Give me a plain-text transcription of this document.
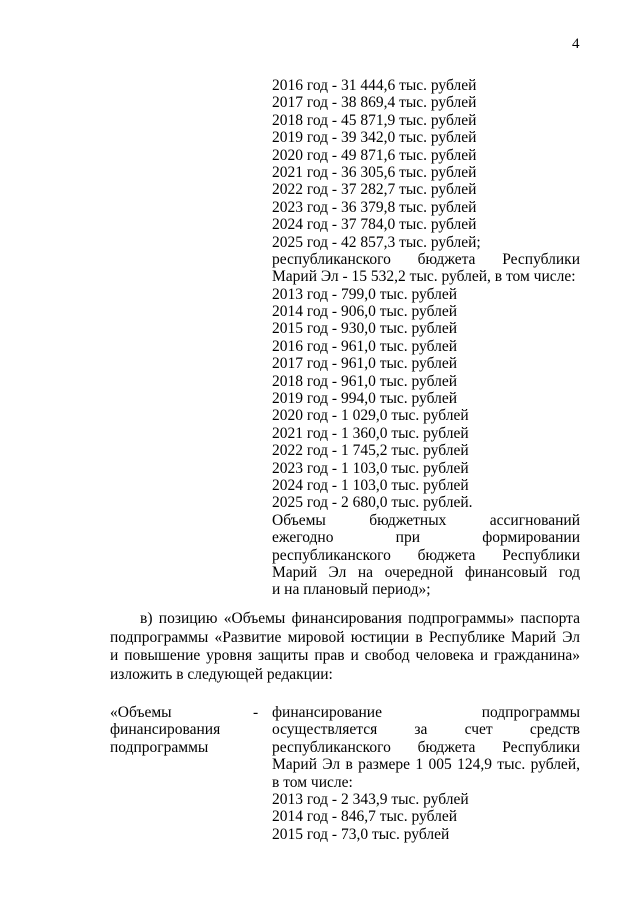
4
2016 год - 31 444,6 тыс. рублей
2017 год - 38 869,4 тыс. рублей
2018 год - 45 871,9 тыс. рублей
2019 год - 39 342,0 тыс. рублей
2020 год - 49 871,6 тыс. рублей
2021 год - 36 305,6 тыс. рублей
2022 год - 37 282,7 тыс. рублей
2023 год - 36 379,8 тыс. рублей
2024 год - 37 784,0 тыс. рублей
2025 год - 42 857,3 тыс. рублей;
республиканского бюджета Республики
Марий Эл - 15 532,2 тыс. рублей, в том числе:
2013 год - 799,0 тыс. рублей
2014 год - 906,0 тыс. рублей
2015 год - 930,0 тыс. рублей
2016 год - 961,0 тыс. рублей
2017 год - 961,0 тыс. рублей
2018 год - 961,0 тыс. рублей
2019 год - 994,0 тыс. рублей
2020 год - 1 029,0 тыс. рублей
2021 год - 1 360,0 тыс. рублей
2022 год - 1 745,2 тыс. рублей
2023 год - 1 103,0 тыс. рублей
2024 год - 1 103,0 тыс. рублей
2025 год - 2 680,0 тыс. рублей.
Объемы бюджетных ассигнований
ежегодно при формировании
республиканского бюджета Республики
Марий Эл на очередной финансовый год
и на плановый период»;
в) позицию «Объемы финансирования подпрограммы» паспорта
подпрограммы «Развитие мировой юстиции в Республике Марий Эл
и повышение уровня защиты прав и свобод человека и гражданина»
изложить в следующей редакции:
«Объемы
финансирования
подпрограммы
- финансирование подпрограммы
осуществляется за счет средств
республиканского бюджета Республики
Марий Эл в размере 1 005 124,9 тыс. рублей,
в том числе:
2013 год - 2 343,9 тыс. рублей
2014 год - 846,7 тыс. рублей
2015 год - 73,0 тыс. рублей
